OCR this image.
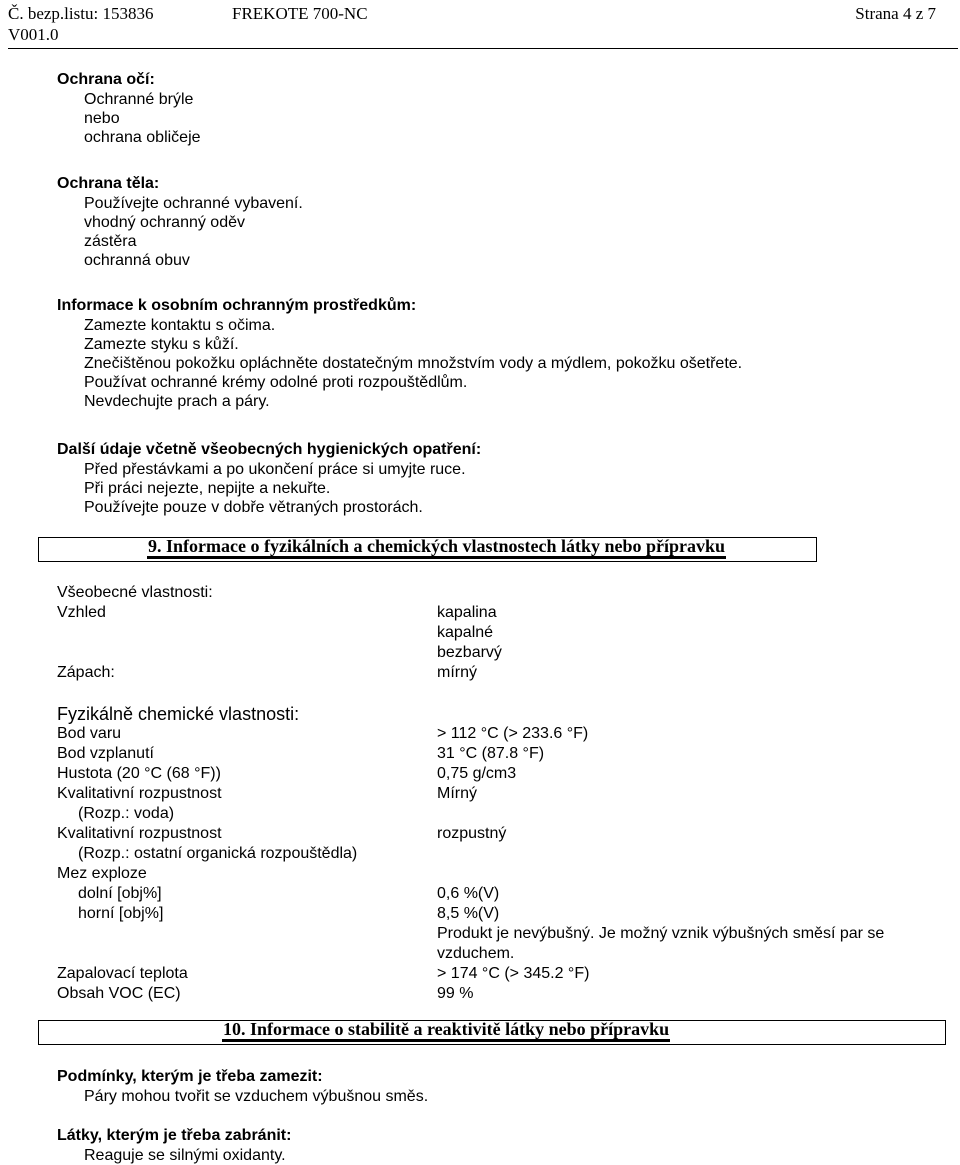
Č. bezp.listu: 153836	FREKOTE 700-NC	Strana 4 z 7
V001.0
Ochrana očí:
Ochranné brýle
nebo
ochrana obličeje
Ochrana těla:
Používejte ochranné vybavení.
vhodný ochranný oděv
zástěra
ochranná obuv
Informace k osobním ochranným prostředkům:
Zamezte kontaktu s očima.
Zamezte styku s kůží.
Znečištěnou pokožku opláchněte dostatečným množstvím vody a mýdlem, pokožku ošetřete.
Používat ochranné krémy odolné proti rozpouštědlům.
Nevdechujte prach a páry.
Další údaje včetně všeobecných hygienických opatření:
Před přestávkami a po ukončení práce si umyjte ruce.
Při práci nejezte, nepijte a nekuřte.
Používejte pouze v dobře větraných prostorách.
9. Informace o fyzikálních a chemických vlastnostech látky nebo přípravku
Všeobecné vlastnosti:
Vzhled	kapalina
kapalné
bezbarvý
Zápach:	mírný
Fyzikálně chemické vlastnosti:
Bod varu	> 112 °C (> 233.6 °F)
Bod vzplanutí	31 °C (87.8 °F)
Hustota (20 °C (68 °F))	0,75 g/cm3
Kvalitativní rozpustnost	Mírný
(Rozp.: voda)
Kvalitativní rozpustnost	rozpustný
(Rozp.: ostatní organická rozpouštědla)
Mez exploze
dolní [obj%]	0,6 %(V)
horní [obj%]	8,5 %(V)
Produkt je nevýbušný. Je možný vznik výbušných směsí par se
vzduchem.
Zapalovací teplota	> 174 °C (> 345.2 °F)
Obsah VOC (EC)	99 %
10. Informace o stabilitě a reaktivitě látky nebo přípravku
Podmínky, kterým je třeba zamezit:
Páry mohou tvořit se vzduchem výbušnou směs.
Látky, kterým je třeba zabránit:
Reaguje se silnými oxidanty.
